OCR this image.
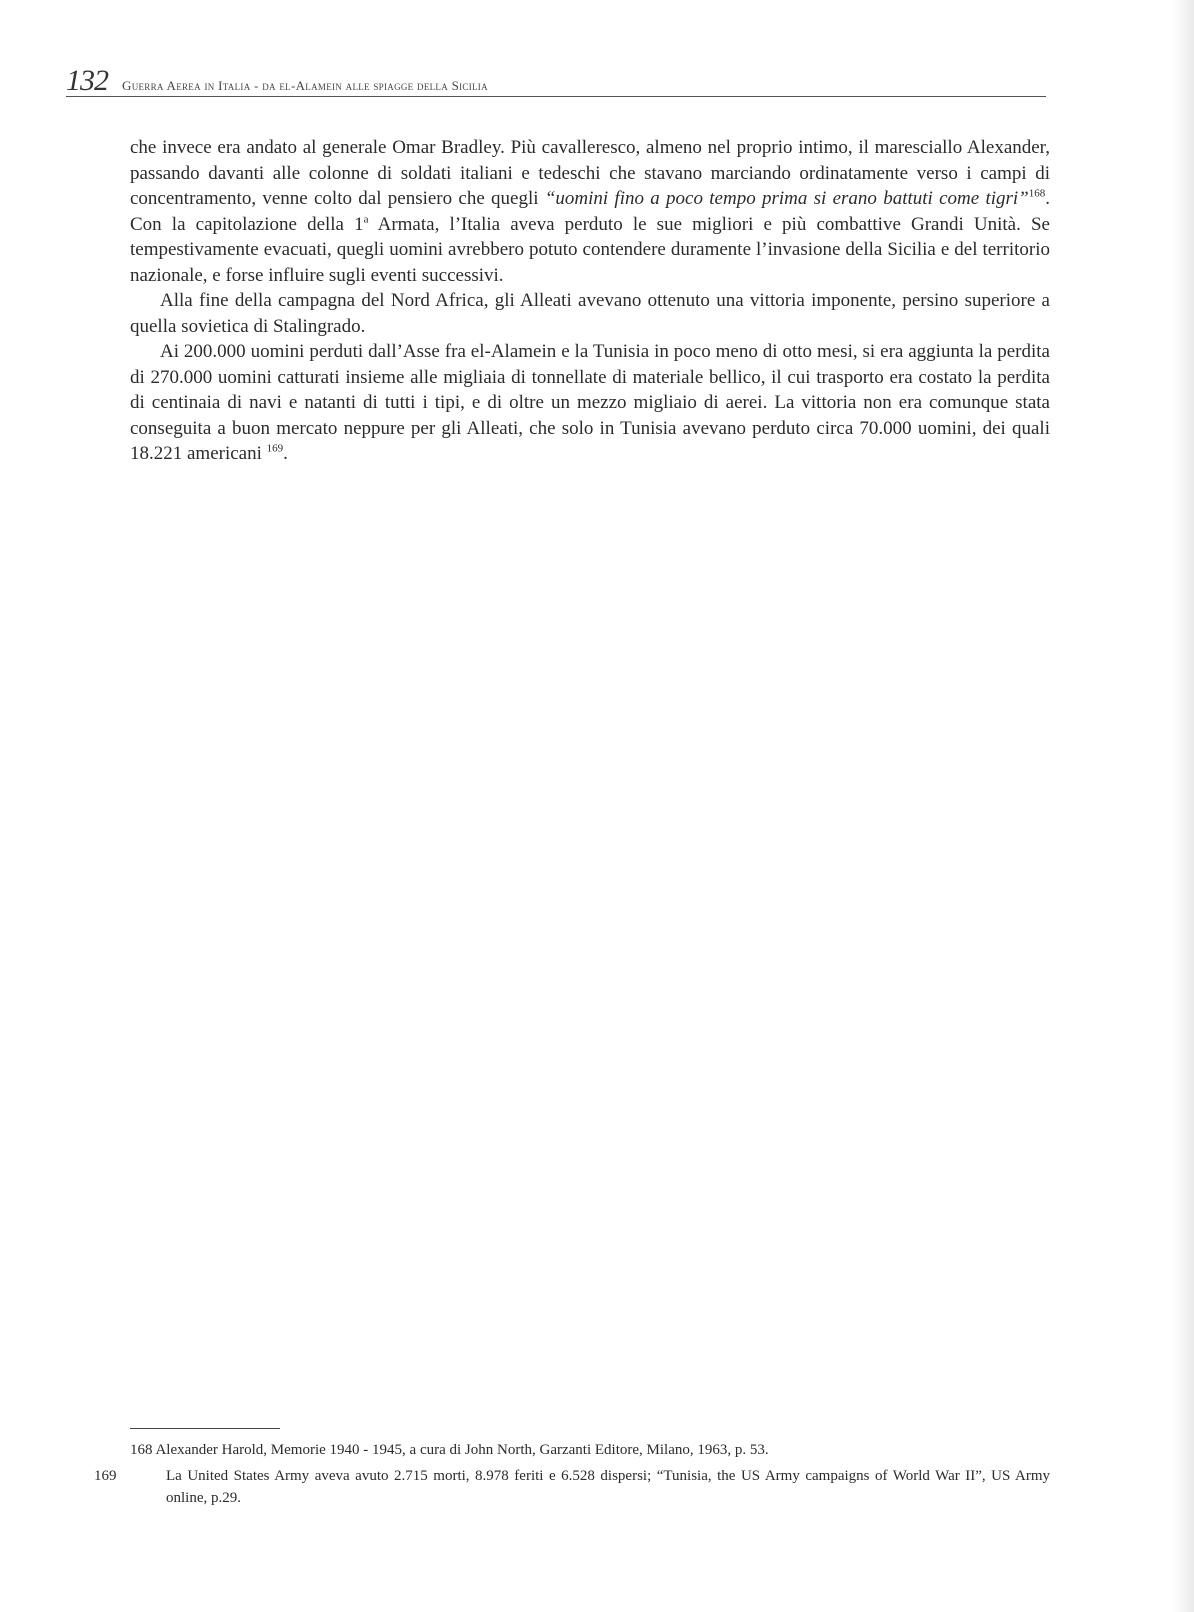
132 Guerra Aerea in Italia - da el-Alamein alle spiagge della Sicilia

che invece era andato al generale Omar Bradley. Più cavalleresco, almeno nel proprio intimo, il maresciallo Alexander, passando davanti alle colonne di soldati italiani e tedeschi che stavano marciando ordinatamente verso i campi di concentramento, venne colto dal pensiero che quegli “uomini fino a poco tempo prima si erano battuti come tigri”$^{168}$. Con la capitolazione della 1$^a$ Armata, l’Italia aveva perduto le sue migliori e più combattive Grandi Unità. Se tempestivamente evacuati, quegli uomini avrebbero potuto contendere duramente l’invasione della Sicilia e del territorio nazionale, e forse influire sugli eventi successivi.

Alla fine della campagna del Nord Africa, gli Alleati avevano ottenuto una vittoria imponente, persino superiore a quella sovietica di Stalingrado.

Ai 200.000 uomini perduti dall’Asse fra el-Alamein e la Tunisia in poco meno di otto mesi, si era aggiunta la perdita di 270.000 uomini catturati insieme alle migliaia di tonnellate di materiale bellico, il cui trasporto era costato la perdita di centinaia di navi e natanti di tutti i tipi, e di oltre un mezzo migliaio di aerei. La vittoria non era comunque stata conseguita a buon mercato neppure per gli Alleati, che solo in Tunisia avevano perduto circa 70.000 uomini, dei quali 18.221 americani $^{169}$.

168 Alexander Harold, Memorie 1940 - 1945, a cura di John North, Garzanti Editore, Milano, 1963, p. 53.

169	La United States Army aveva avuto 2.715 morti, 8.978 feriti e 6.528 dispersi; “Tunisia, the US Army campaigns of World War II”, US Army online, p.29.
